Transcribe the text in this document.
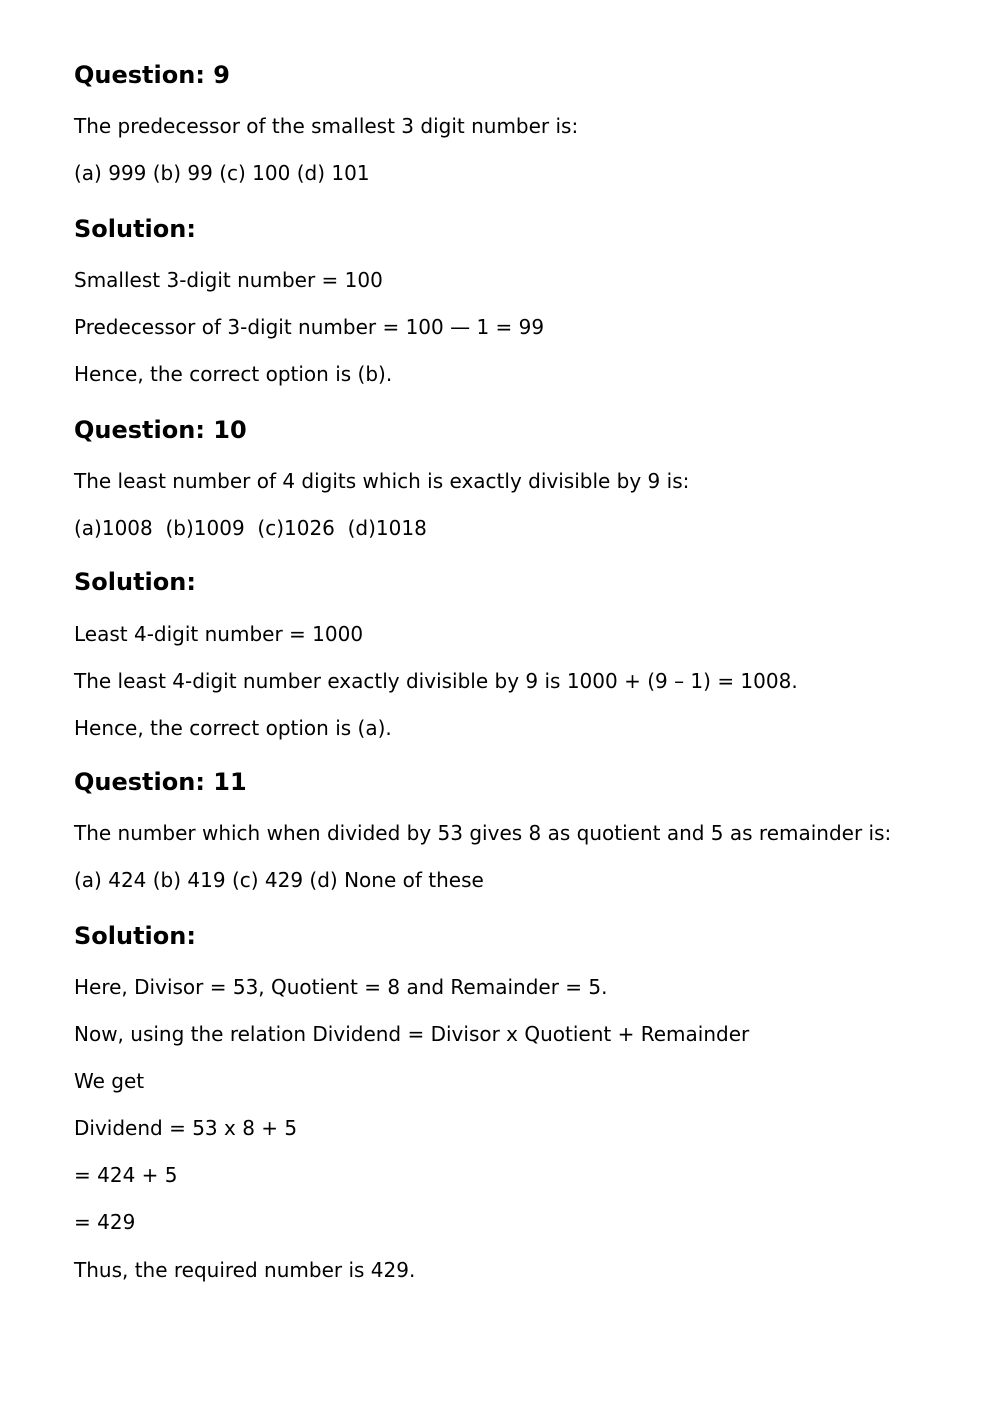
Question: 9
The predecessor of the smallest 3 digit number is:
(a) 999 (b) 99 (c) 100 (d) 101
Solution:
Smallest 3-digit number = 100
Predecessor of 3-digit number = 100 — 1 = 99
Hence, the correct option is (b).
Question: 10
The least number of 4 digits which is exactly divisible by 9 is:
(a)1008  (b)1009  (c)1026  (d)1018
Solution:
Least 4-digit number = 1000
The least 4-digit number exactly divisible by 9 is 1000 + (9 – 1) = 1008.
Hence, the correct option is (a).
Question: 11
The number which when divided by 53 gives 8 as quotient and 5 as remainder is:
(a) 424 (b) 419 (c) 429 (d) None of these
Solution:
Here, Divisor = 53, Quotient = 8 and Remainder = 5.
Now, using the relation Dividend = Divisor x Quotient + Remainder
We get
Dividend = 53 x 8 + 5
= 424 + 5
= 429
Thus, the required number is 429.
